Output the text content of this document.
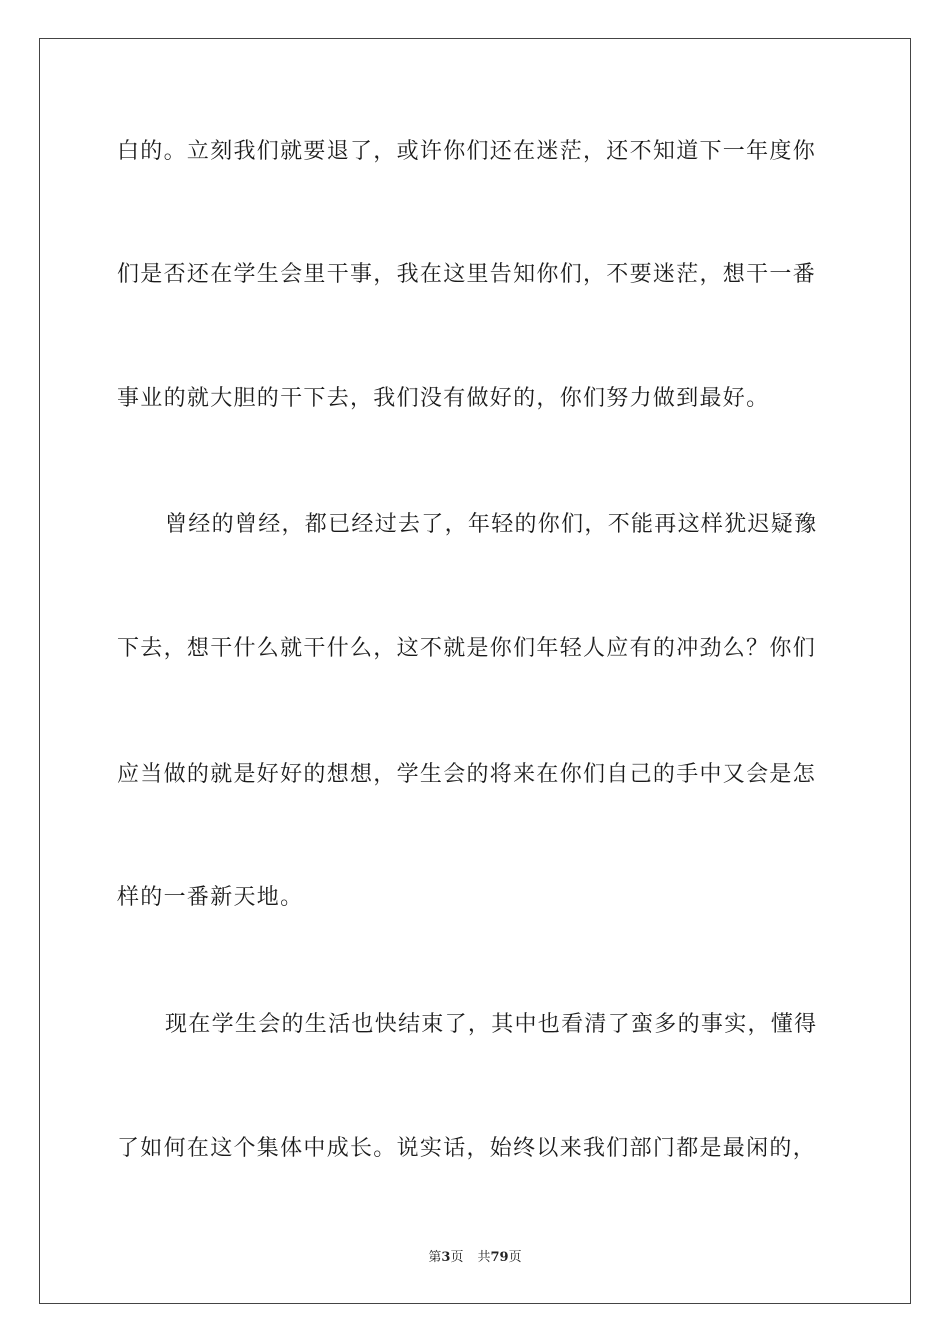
白的。立刻我们就要退了，或许你们还在迷茫，还不知道下一年度你
们是否还在学生会里干事，我在这里告知你们，不要迷茫，想干一番
事业的就大胆的干下去，我们没有做好的，你们努力做到最好。
曾经的曾经，都已经过去了，年轻的你们，不能再这样犹迟疑豫
下去，想干什么就干什么，这不就是你们年轻人应有的冲劲么？你们
应当做的就是好好的想想，学生会的将来在你们自己的手中又会是怎
样的一番新天地。
现在学生会的生活也快结束了，其中也看清了蛮多的事实，懂得
了如何在这个集体中成长。说实话，始终以来我们部门都是最闲的，
第3页 共79页
